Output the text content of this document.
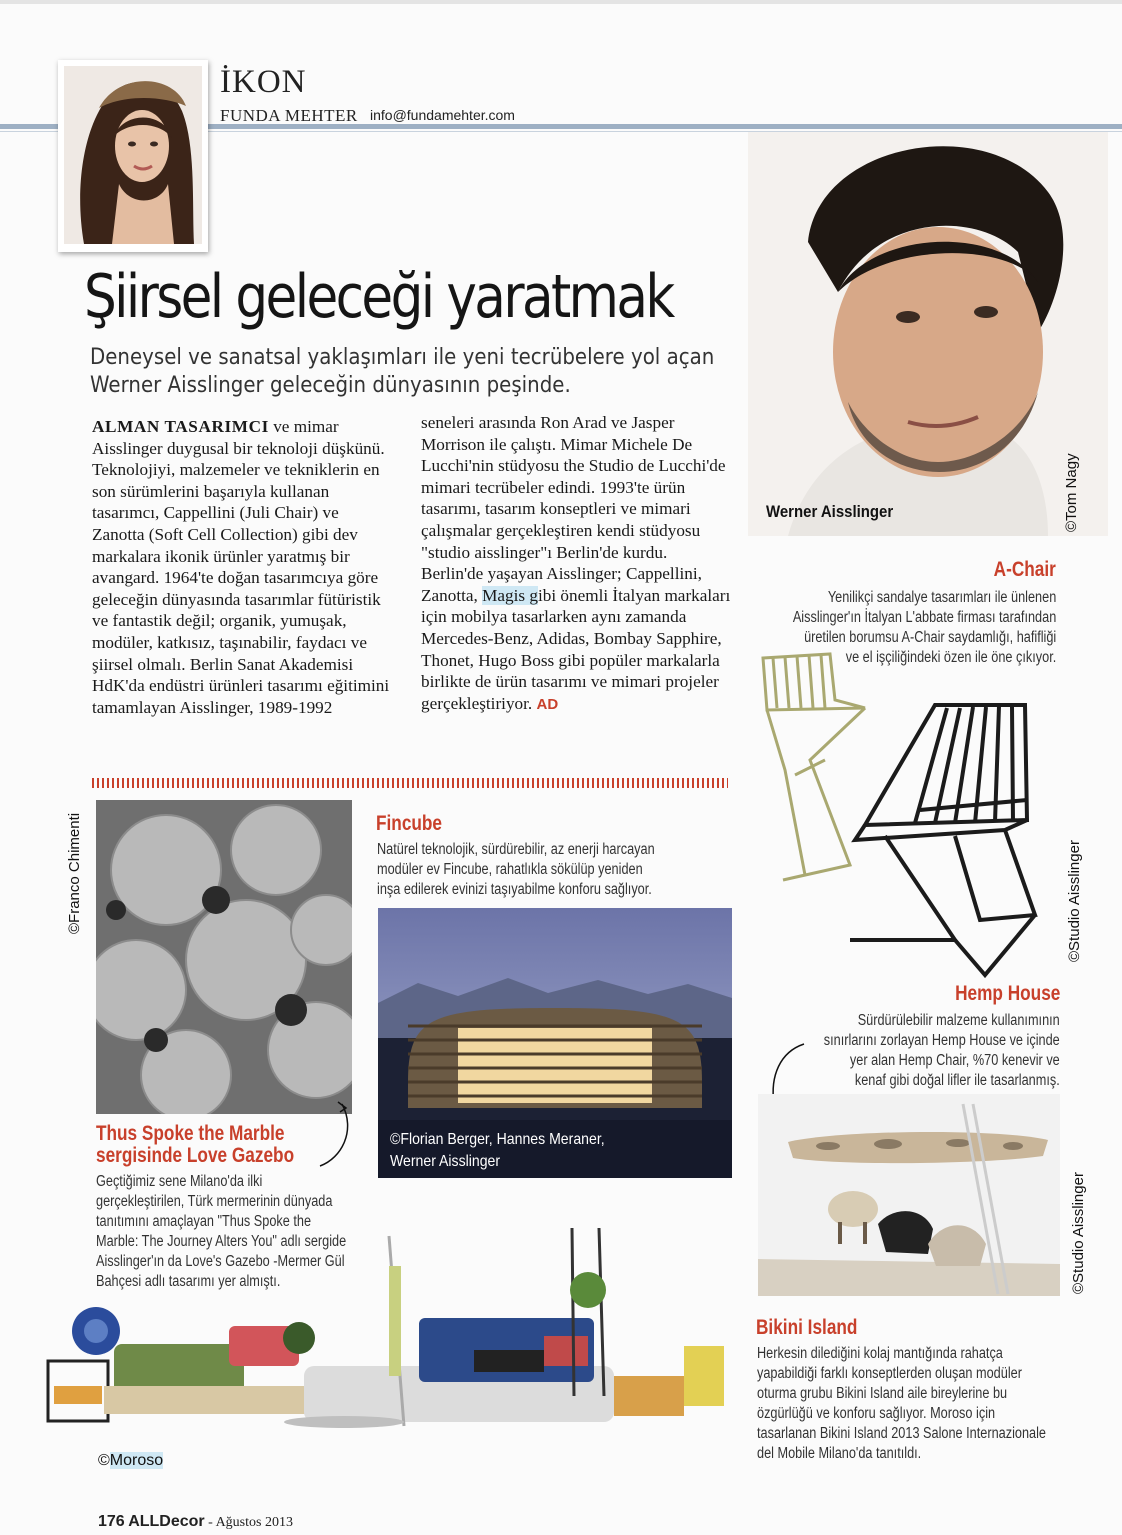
İKON
FUNDA MEHTER info@fundamehter.com
Şiirsel geleceği yaratmak
Deneysel ve sanatsal yaklaşımları ile yeni tecrübelere yol açan Werner Aisslinger geleceğin dünyasının peşinde.
ALMAN TASARIMCI ve mimar Aisslinger duygusal bir teknoloji düşkünü. Teknolojiyi, malzemeler ve tekniklerin en son sürümlerini başarıyla kullanan tasarımcı, Cappellini (Juli Chair) ve Zanotta (Soft Cell Collection) gibi dev markalara ikonik ürünler yaratmış bir avangard. 1964'te doğan tasarımcıya göre geleceğin dünyasında tasarımlar fütüristik ve fantastik değil; organik, yumuşak, modüler, katkısız, taşınabilir, faydacı ve şiirsel olmalı. Berlin Sanat Akademisi HdK'da endüstri ürünleri tasarımı eğitimini tamamlayan Aisslinger, 1989-1992
seneleri arasında Ron Arad ve Jasper Morrison ile çalıştı. Mimar Michele De Lucchi'nin stüdyosu the Studio de Lucchi'de mimari tecrübeler edindi. 1993'te ürün tasarımı, tasarım konseptleri ve mimari çalışmalar gerçekleştiren kendi stüdyosu "studio aisslinger"ı Berlin'de kurdu. Berlin'de yaşayan Aisslinger; Cappellini, Zanotta, Magis gibi önemli İtalyan markaları için mobilya tasarlarken aynı zamanda Mercedes-Benz, Adidas, Bombay Sapphire, Thonet, Hugo Boss gibi popüler markalarla birlikte de ürün tasarımı ve mimari projeler gerçekleştiriyor. AD
Werner Aisslinger	©Tom Nagy
A-Chair
Yenilikçi sandalye tasarımları ile ünlenen
Aisslinger'ın İtalyan L'abbate firması tarafından
üretilen borumsu A-Chair saydamlığı, hafifliği
ve el işçiliğindeki özen ile öne çıkıyor.
©Studio Aisslinger
©Franco Chimenti
Thus Spoke the Marble
sergisinde Love Gazebo
Geçtiğimiz sene Milano'da ilki
gerçekleştirilen, Türk mermerinin dünyada
tanıtımını amaçlayan "Thus Spoke the
Marble: The Journey Alters You" adlı sergide
Aisslinger'ın da Love's Gazebo -Mermer Gül
Bahçesi adlı tasarımı yer almıştı.
Fincube
Natürel teknolojik, sürdürebilir, az enerji harcayan
modüler ev Fincube, rahatlıkla sökülüp yeniden
inşa edilerek evinizi taşıyabilme konforu sağlıyor.
©Florian Berger, Hannes Meraner,
Werner Aisslinger
Hemp House
Sürdürülebilir malzeme kullanımının
sınırlarını zorlayan Hemp House ve içinde
yer alan Hemp Chair, %70 kenevir ve
kenaf gibi doğal lifler ile tasarlanmış.
©Studio Aisslinger
©Moroso
Bikini Island
Herkesin dilediğini kolaj mantığında rahatça
yapabildiği farklı konseptlerden oluşan modüler
oturma grubu Bikini Island aile bireylerine bu
özgürlüğü ve konforu sağlıyor. Moroso için
tasarlanan Bikini Island 2013 Salone Internazionale
del Mobile Milano'da tanıtıldı.
176 ALLDecor - Ağustos 2013
